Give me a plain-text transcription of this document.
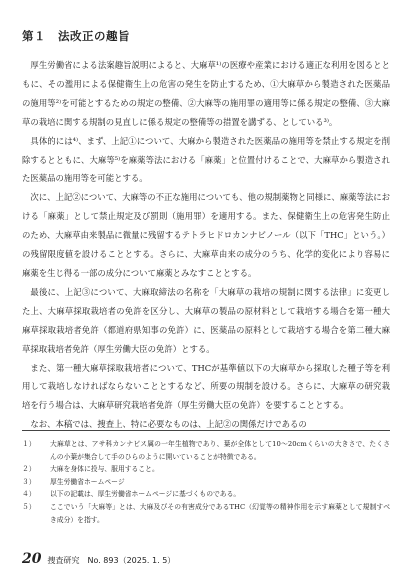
第１　法改正の趣旨

厚生労働省による法案趣旨説明によると、大麻草¹⁾の医療や産業における適正な利用を図るとともに、その濫用による保健衛生上の危害の発生を防止するため、①大麻草から製造された医薬品の施用等²⁾を可能とするための規定の整備、②大麻等の施用罪の適用等に係る規定の整備、③大麻草の栽培に関する規制の見直しに係る規定の整備等の措置を講ずる、としている³⁾。

具体的には⁴⁾、まず、上記①について、大麻から製造された医薬品の施用等を禁止する規定を削除するとともに、大麻等⁵⁾を麻薬等法における「麻薬」と位置付けることで、大麻草から製造された医薬品の施用等を可能とする。

次に、上記②について、大麻等の不正な施用についても、他の規制薬物と同様に、麻薬等法における「麻薬」として禁止規定及び罰則（施用罪）を適用する。また、保健衛生上の危害発生防止のため、大麻草由来製品に微量に残留するテトラヒドロカンナビノール（以下「THC」という。）の残留限度値を設けることとする。さらに、大麻草由来の成分のうち、化学的変化により容易に麻薬を生じ得る一部の成分について麻薬とみなすこととする。

最後に、上記③について、大麻取締法の名称を「大麻草の栽培の規制に関する法律」に変更した上、大麻草採取栽培者の免許を区分し、大麻草の製品の原材料として栽培する場合を第一種大麻草採取栽培者免許（都道府県知事の免許）に、医薬品の原料として栽培する場合を第二種大麻草採取栽培者免許（厚生労働大臣の免許）とする。

また、第一種大麻草採取栽培者について、THCが基準値以下の大麻草から採取した種子等を利用して栽培しなければならないこととするなど、所要の規制を設ける。さらに、大麻草の研究栽培を行う場合は、大麻草研究栽培者免許（厚生労働大臣の免許）を要することとする。

なお、本稿では、捜査上、特に必要なものは、上記②の関係だけであるの

１）	大麻草とは、アサ科カンナビス属の一年生植物であり、葉が全体として10～20cmくらいの大きさで、たくさんの小葉が集合して手のひらのように開いていることが特徴である。
２）	大麻を身体に投与、服用すること。
３）	厚生労働省ホームページ
４）	以下の記載は、厚生労働省ホームページに基づくものである。
５）	ここでいう「大麻等」とは、大麻及びその有害成分であるTHC（幻覚等の精神作用を示す麻薬として規制すべき成分）を指す。
20 捜査研究　No. 893（2025. 1. 5）
